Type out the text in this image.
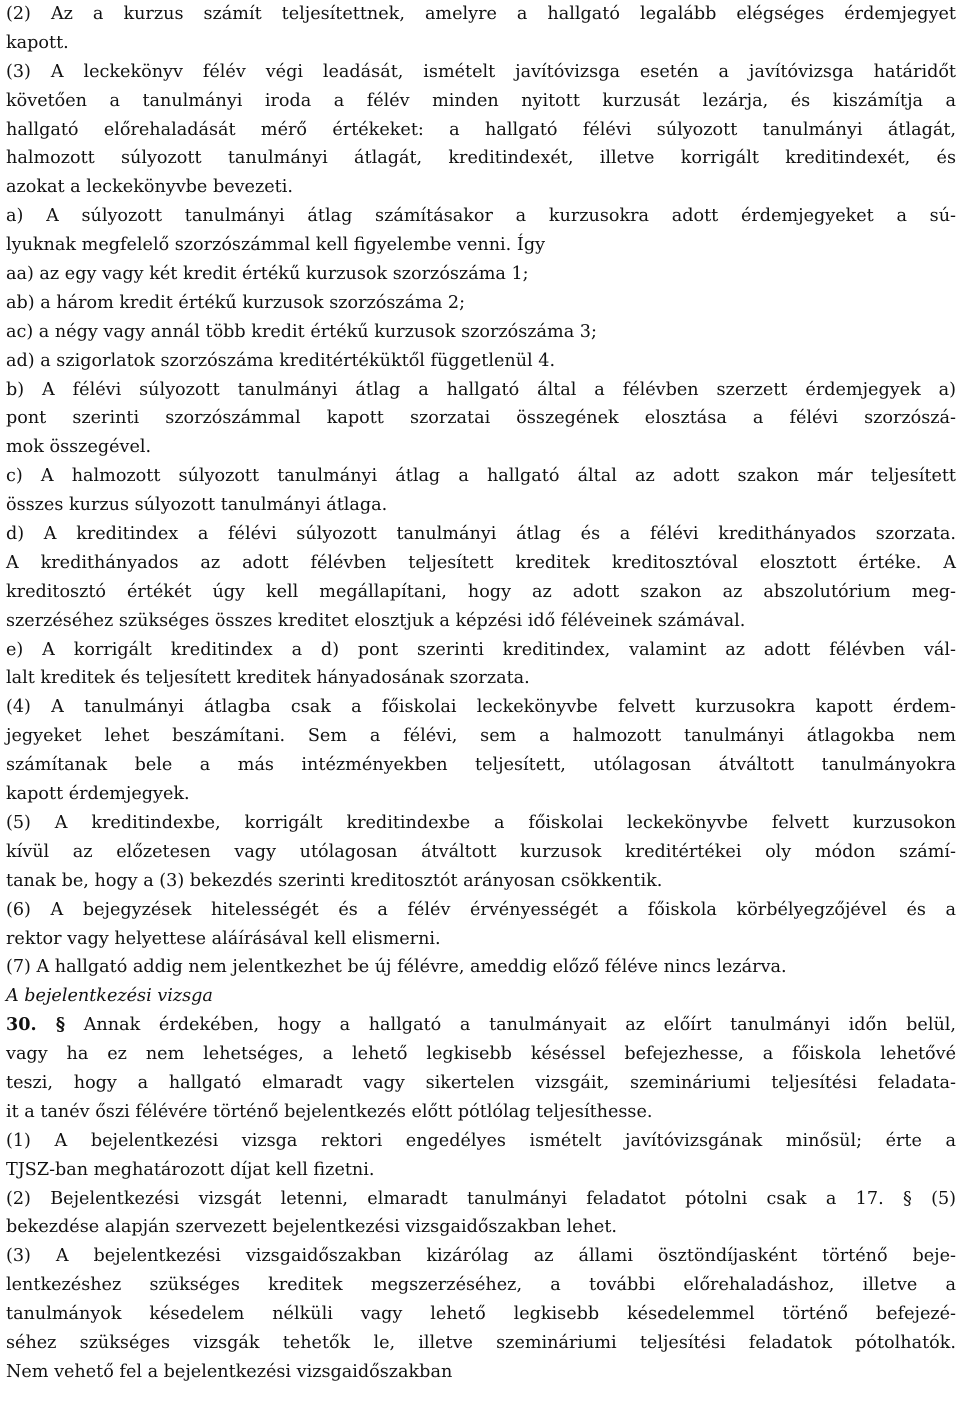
(2) Az a kurzus számít teljesítettnek, amelyre a hallgató legalább elégséges érdemjegyet
kapott.
(3) A leckekönyv félév végi leadását, ismételt javítóvizsga esetén a javítóvizsga határidőt
követően a tanulmányi iroda a félév minden nyitott kurzusát lezárja, és kiszámítja a
hallgató előrehaladását mérő értékeket: a hallgató félévi súlyozott tanulmányi átlagát,
halmozott súlyozott tanulmányi átlagát, kreditindexét, illetve korrigált kreditindexét, és
azokat a leckekönyvbe bevezeti.
a) A súlyozott tanulmányi átlag számításakor a kurzusokra adott érdemjegyeket a sú-
lyuknak megfelelő szorzószámmal kell figyelembe venni. Így
aa) az egy vagy két kredit értékű kurzusok szorzószáma 1;
ab) a három kredit értékű kurzusok szorzószáma 2;
ac) a négy vagy annál több kredit értékű kurzusok szorzószáma 3;
ad) a szigorlatok szorzószáma kreditértéküktől függetlenül 4.
b) A félévi súlyozott tanulmányi átlag a hallgató által a félévben szerzett érdemjegyek a)
pont szerinti szorzószámmal kapott szorzatai összegének elosztása a félévi szorzószá-
mok összegével.
c) A halmozott súlyozott tanulmányi átlag a hallgató által az adott szakon már teljesített
összes kurzus súlyozott tanulmányi átlaga.
d) A kreditindex a félévi súlyozott tanulmányi átlag és a félévi kredithányados szorzata.
A kredithányados az adott félévben teljesített kreditek kreditosztóval elosztott értéke. A
kreditosztó értékét úgy kell megállapítani, hogy az adott szakon az abszolutórium meg-
szerzéséhez szükséges összes kreditet elosztjuk a képzési idő féléveinek számával.
e) A korrigált kreditindex a d) pont szerinti kreditindex, valamint az adott félévben vál-
lalt kreditek és teljesített kreditek hányadosának szorzata.
(4) A tanulmányi átlagba csak a főiskolai leckekönyvbe felvett kurzusokra kapott érdem-
jegyeket lehet beszámítani. Sem a félévi, sem a halmozott tanulmányi átlagokba nem
számítanak bele a más intézményekben teljesített, utólagosan átváltott tanulmányokra
kapott érdemjegyek.
(5) A kreditindexbe, korrigált kreditindexbe a főiskolai leckekönyvbe felvett kurzusokon
kívül az előzetesen vagy utólagosan átváltott kurzusok kreditértékei oly módon számí-
tanak be, hogy a (3) bekezdés szerinti kreditosztót arányosan csökkentik.
(6) A bejegyzések hitelességét és a félév érvényességét a főiskola körbélyegzőjével és a
rektor vagy helyettese aláírásával kell elismerni.
(7) A hallgató addig nem jelentkezhet be új félévre, ameddig előző féléve nincs lezárva.
A bejelentkezési vizsga
30. § Annak érdekében, hogy a hallgató a tanulmányait az előírt tanulmányi időn belül,
vagy ha ez nem lehetséges, a lehető legkisebb késéssel befejezhesse, a főiskola lehetővé
teszi, hogy a hallgató elmaradt vagy sikertelen vizsgáit, szemináriumi teljesítési feladata-
it a tanév őszi félévére történő bejelentkezés előtt pótlólag teljesíthesse.
(1) A bejelentkezési vizsga rektori engedélyes ismételt javítóvizsgának minősül; érte a
TJSZ-ban meghatározott díjat kell fizetni.
(2) Bejelentkezési vizsgát letenni, elmaradt tanulmányi feladatot pótolni csak a 17. § (5)
bekezdése alapján szervezett bejelentkezési vizsgaidőszakban lehet.
(3) A bejelentkezési vizsgaidőszakban kizárólag az állami ösztöndíjasként történő beje-
lentkezéshez szükséges kreditek megszerzéséhez, a további előrehaladáshoz, illetve a
tanulmányok késedelem nélküli vagy lehető legkisebb késedelemmel történő befejezé-
séhez szükséges vizsgák tehetők le, illetve szemináriumi teljesítési feladatok pótolhatók.
Nem vehető fel a bejelentkezési vizsgaidőszakban
